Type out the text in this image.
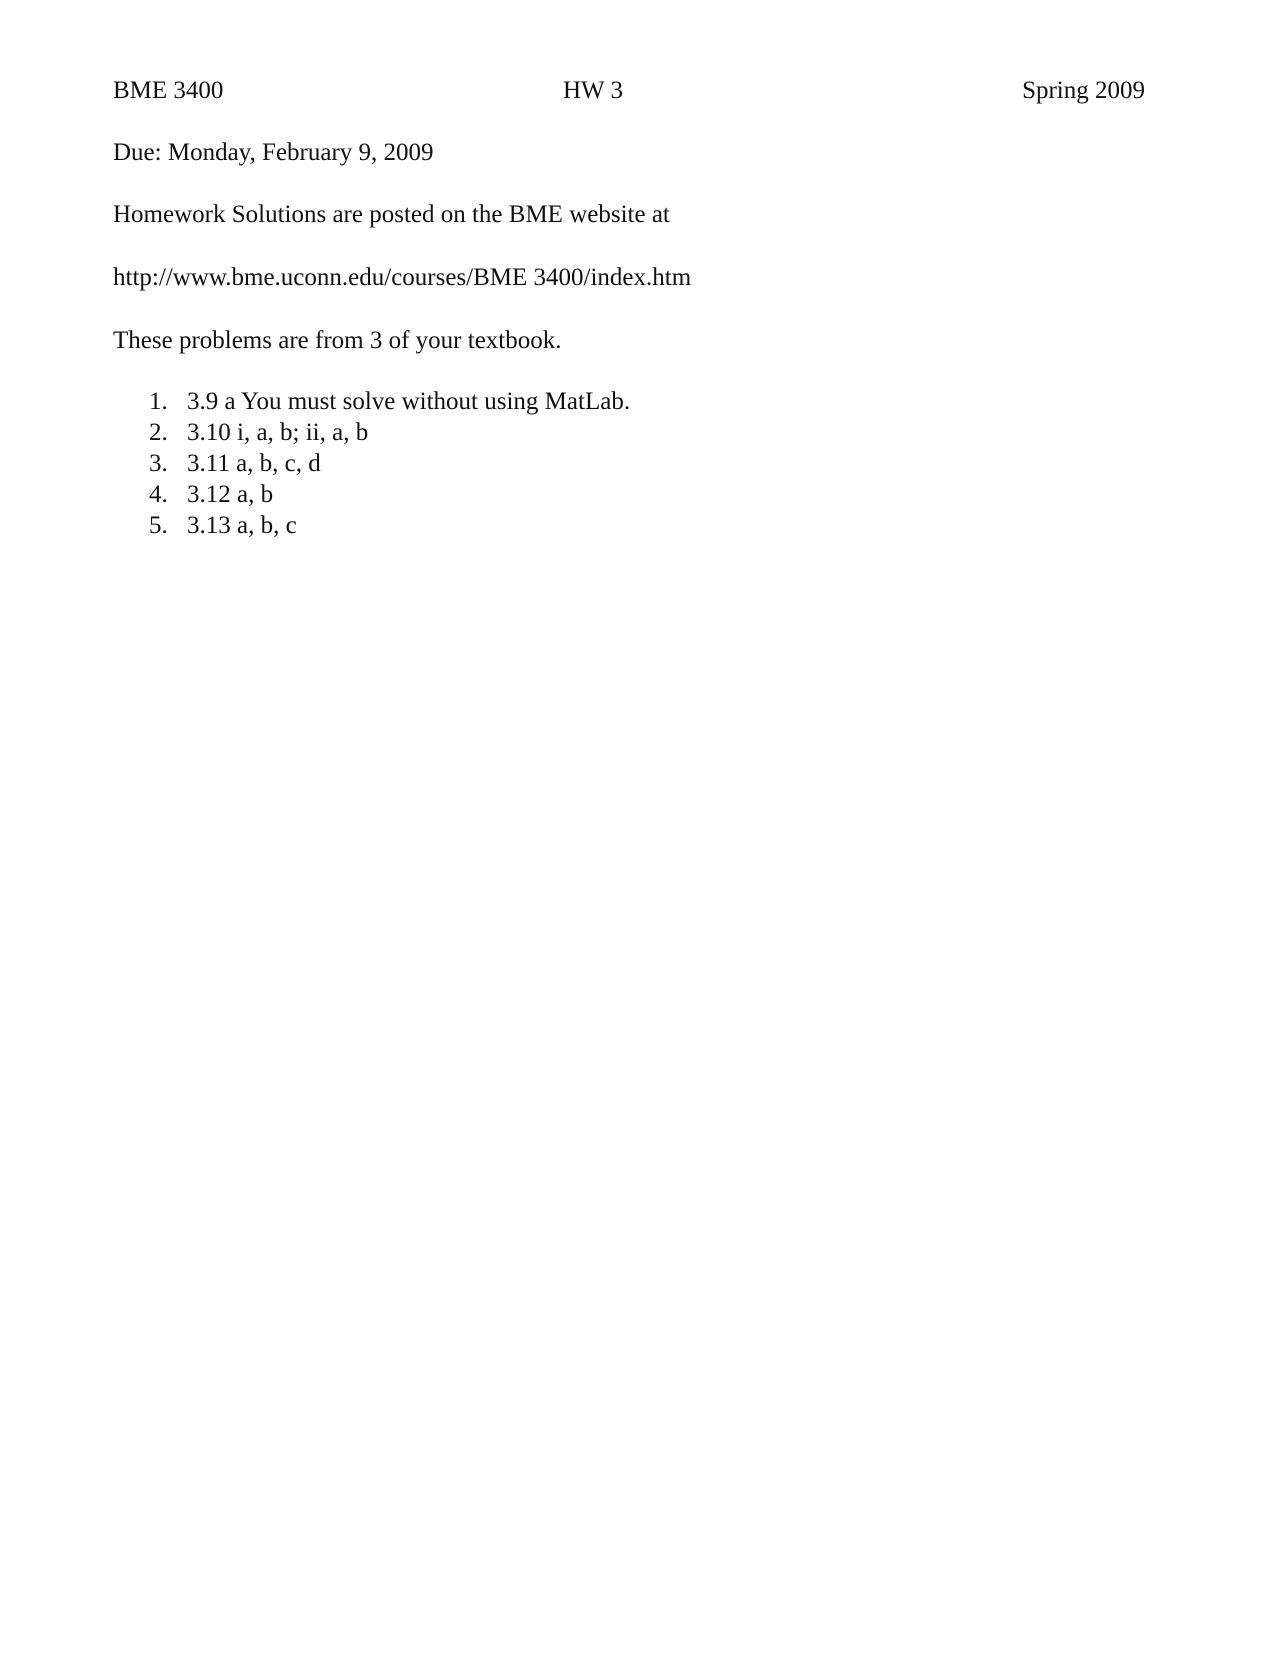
BME 3400	HW 3	Spring 2009
Due: Monday, February 9, 2009
Homework Solutions are posted on the BME website at
http://www.bme.uconn.edu/courses/BME 3400/index.htm
These problems are from 3 of your textbook.
1. 3.9 a You must solve without using MatLab.
2. 3.10 i, a, b; ii, a, b
3. 3.11 a, b, c, d
4. 3.12 a, b
5. 3.13 a, b, c
